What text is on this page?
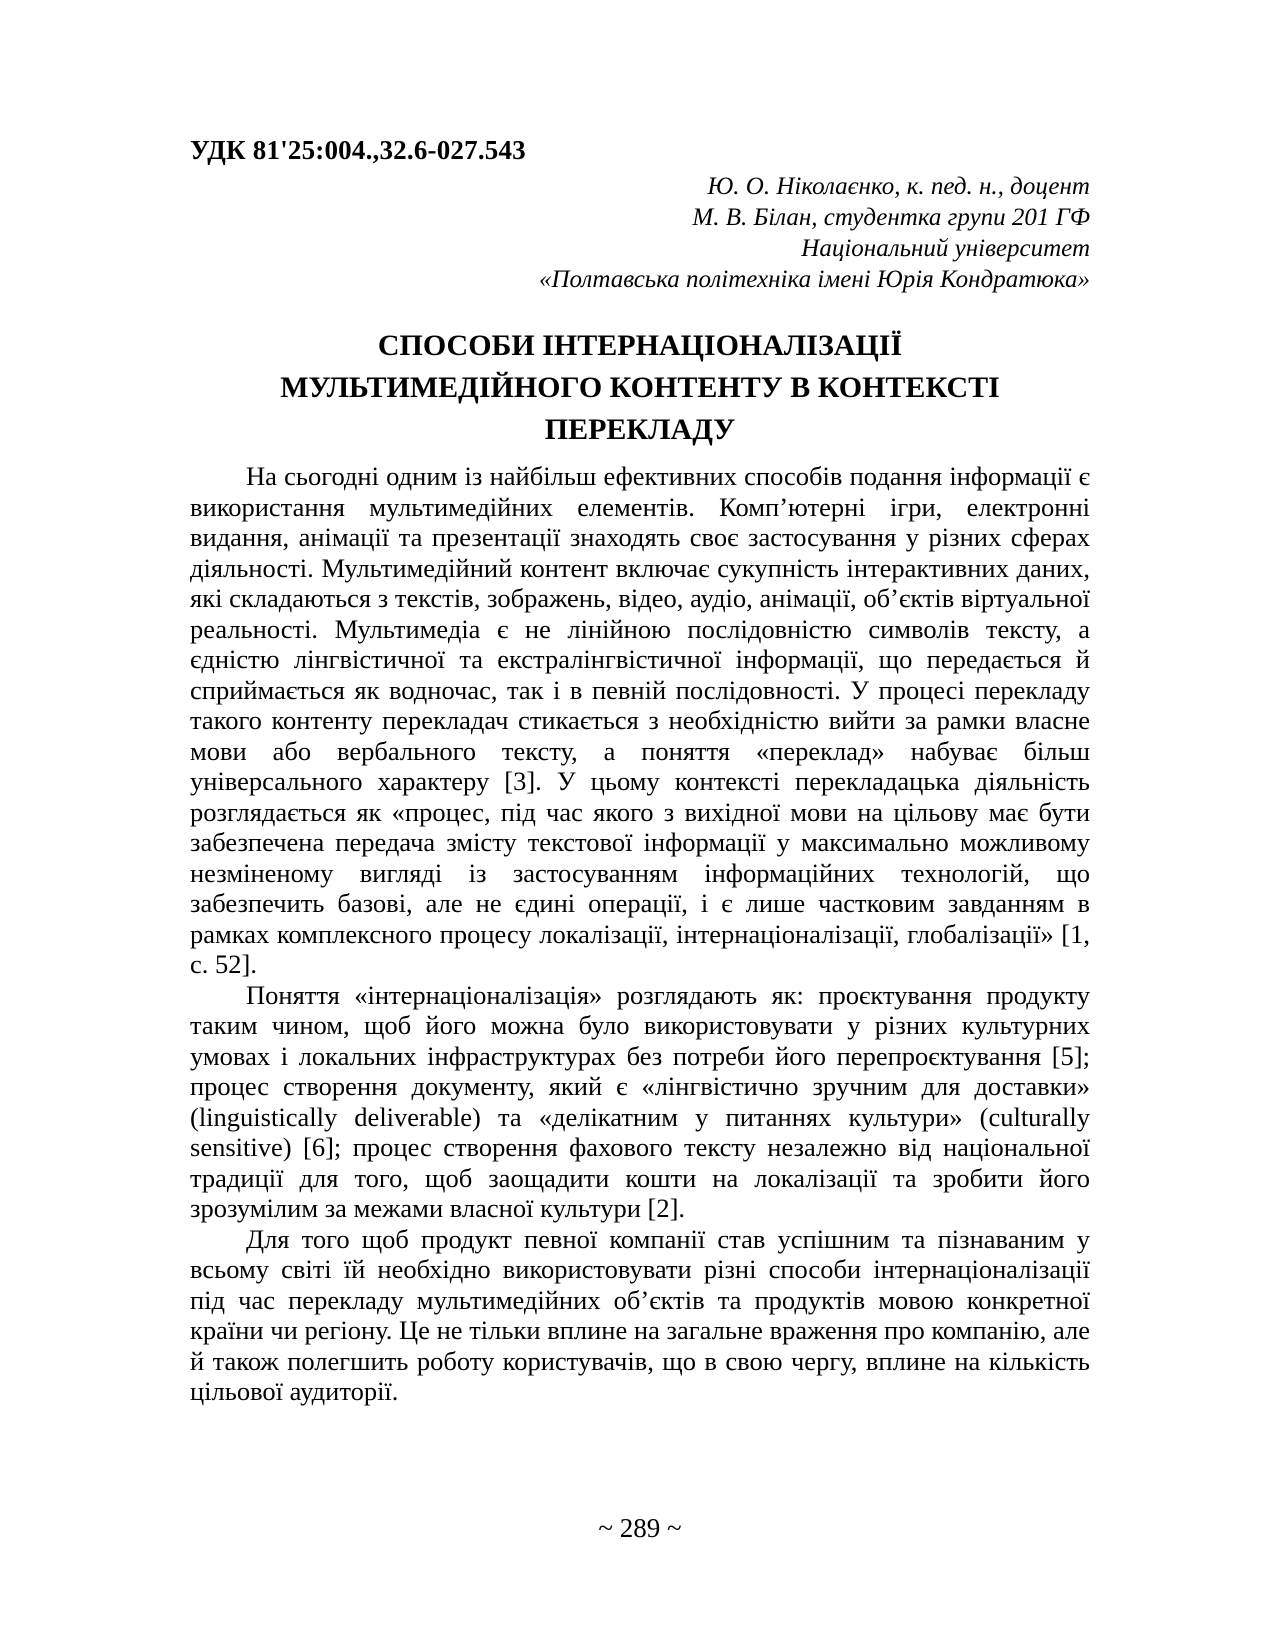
УДК 81'25:004.,32.6-027.543
Ю. О. Ніколаєнко, к. пед. н., доцент
М. В. Білан, студентка групи 201 ГФ
Національний університет
«Полтавська політехніка імені Юрія Кондратюка»
СПОСОБИ ІНТЕРНАЦІОНАЛІЗАЦІЇ
МУЛЬТИМЕДІЙНОГО КОНТЕНТУ В КОНТЕКСТІ
ПЕРЕКЛАДУ

На сьогодні одним із найбільш ефективних способів подання інформації є використання мультимедійних елементів. Комп’ютерні ігри, електронні видання, анімації та презентації знаходять своє застосування у різних сферах діяльності. Мультимедійний контент включає сукупність інтерактивних даних, які складаються з текстів, зображень, відео, аудіо, анімації, об’єктів віртуальної реальності. Мультимедіа є не лінійною послідовністю символів тексту, а єдністю лінгвістичної та екстралінгвістичної інформації, що передається й сприймається як водночас, так і в певній послідовності. У процесі перекладу такого контенту перекладач стикається з необхідністю вийти за рамки власне мови або вербального тексту, а поняття «переклад» набуває більш універсального характеру [3]. У цьому контексті перекладацька діяльність розглядається як «процес, під час якого з вихідної мови на цільову має бути забезпечена передача змісту текстової інформації у максимально можливому незміненому вигляді із застосуванням інформаційних технологій, що забезпечить базові, але не єдині операції, і є лише частковим завданням в рамках комплексного процесу локалізації, інтернаціоналізації, глобалізації» [1, с. 52].

Поняття «інтернаціоналізація» розглядають як: проєктування продукту таким чином, щоб його можна було використовувати у різних культурних умовах і локальних інфраструктурах без потреби його перепроєктування [5]; процес створення документу, який є «лінгвістично зручним для доставки» (linguistically deliverable) та «делікатним у питаннях культури» (culturally sensitive) [6]; процес створення фахового тексту незалежно від національної традиції для того, щоб заощадити кошти на локалізації та зробити його зрозумілим за межами власної культури [2].

Для того щоб продукт певної компанії став успішним та пізнаваним у всьому світі їй необхідно використовувати різні способи інтернаціоналізації під час перекладу мультимедійних об’єктів та продуктів мовою конкретної країни чи регіону. Це не тільки вплине на загальне враження про компанію, але й також полегшить роботу користувачів, що в свою чергу, вплине на кількість цільової аудиторії.

~ 289 ~
